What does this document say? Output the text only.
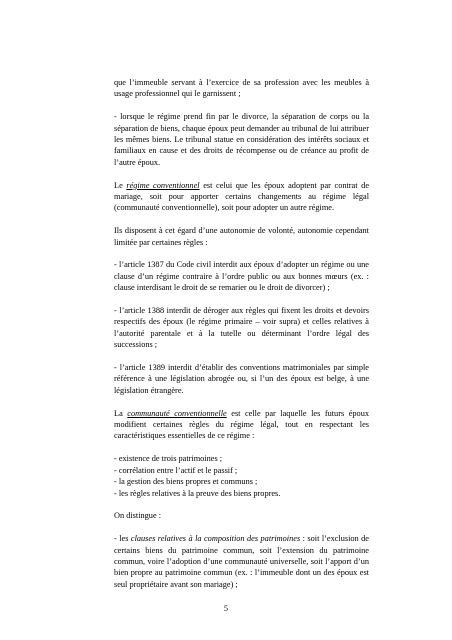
que l’immeuble servant à l’exercice de sa profession avec les meubles à usage professionnel qui le garnissent ;

- lorsque le régime prend fin par le divorce, la séparation de corps ou la séparation de biens, chaque époux peut demander au tribunal de lui attribuer les mêmes biens. Le tribunal statue en considération des intérêts sociaux et familiaux en cause et des droits de récompense ou de créance au profit de l’autre époux.

Le régime conventionnel est celui que les époux adoptent par contrat de mariage, soit pour apporter certains changements au régime légal (communauté conventionnelle), soit pour adopter un autre régime.

Ils disposent à cet égard d’une autonomie de volonté, autonomie cependant limitée par certaines règles :

- l’article 1387 du Code civil interdit aux époux d’adopter un régime ou une clause d’un régime contraire à l’ordre public ou aux bonnes mœurs (ex. : clause interdisant le droit de se remarier ou le droit de divorcer) ;

- l’article 1388 interdit de déroger aux règles qui fixent les droits et devoirs respectifs des époux (le régime primaire – voir supra) et celles relatives à l’autorité parentale et à la tutelle ou déterminant l’ordre légal des successions ;

- l’article 1389 interdit d’établir des conventions matrimoniales par simple référence à une législation abrogée ou, si l’un des époux est belge, à une législation étrangère.

La communauté conventionnelle est celle par laquelle les futurs époux modifient certaines règles du régime légal, tout en respectant les caractéristiques essentielles de ce régime :

- existence de trois patrimoines ;

- corrélation entre l’actif et le passif ;

- la gestion des biens propres et communs ;

- les règles relatives à la preuve des biens propres.

On distingue :

- les clauses relatives à la composition des patrimoines : soit l’exclusion de certains biens du patrimoine commun, soit l’extension du patrimoine commun, voire l’adoption d’une communauté universelle, soit l’apport d’un bien propre au patrimoine commun (ex. : l’immeuble dont un des époux est seul propriétaire avant son mariage) ;

5
